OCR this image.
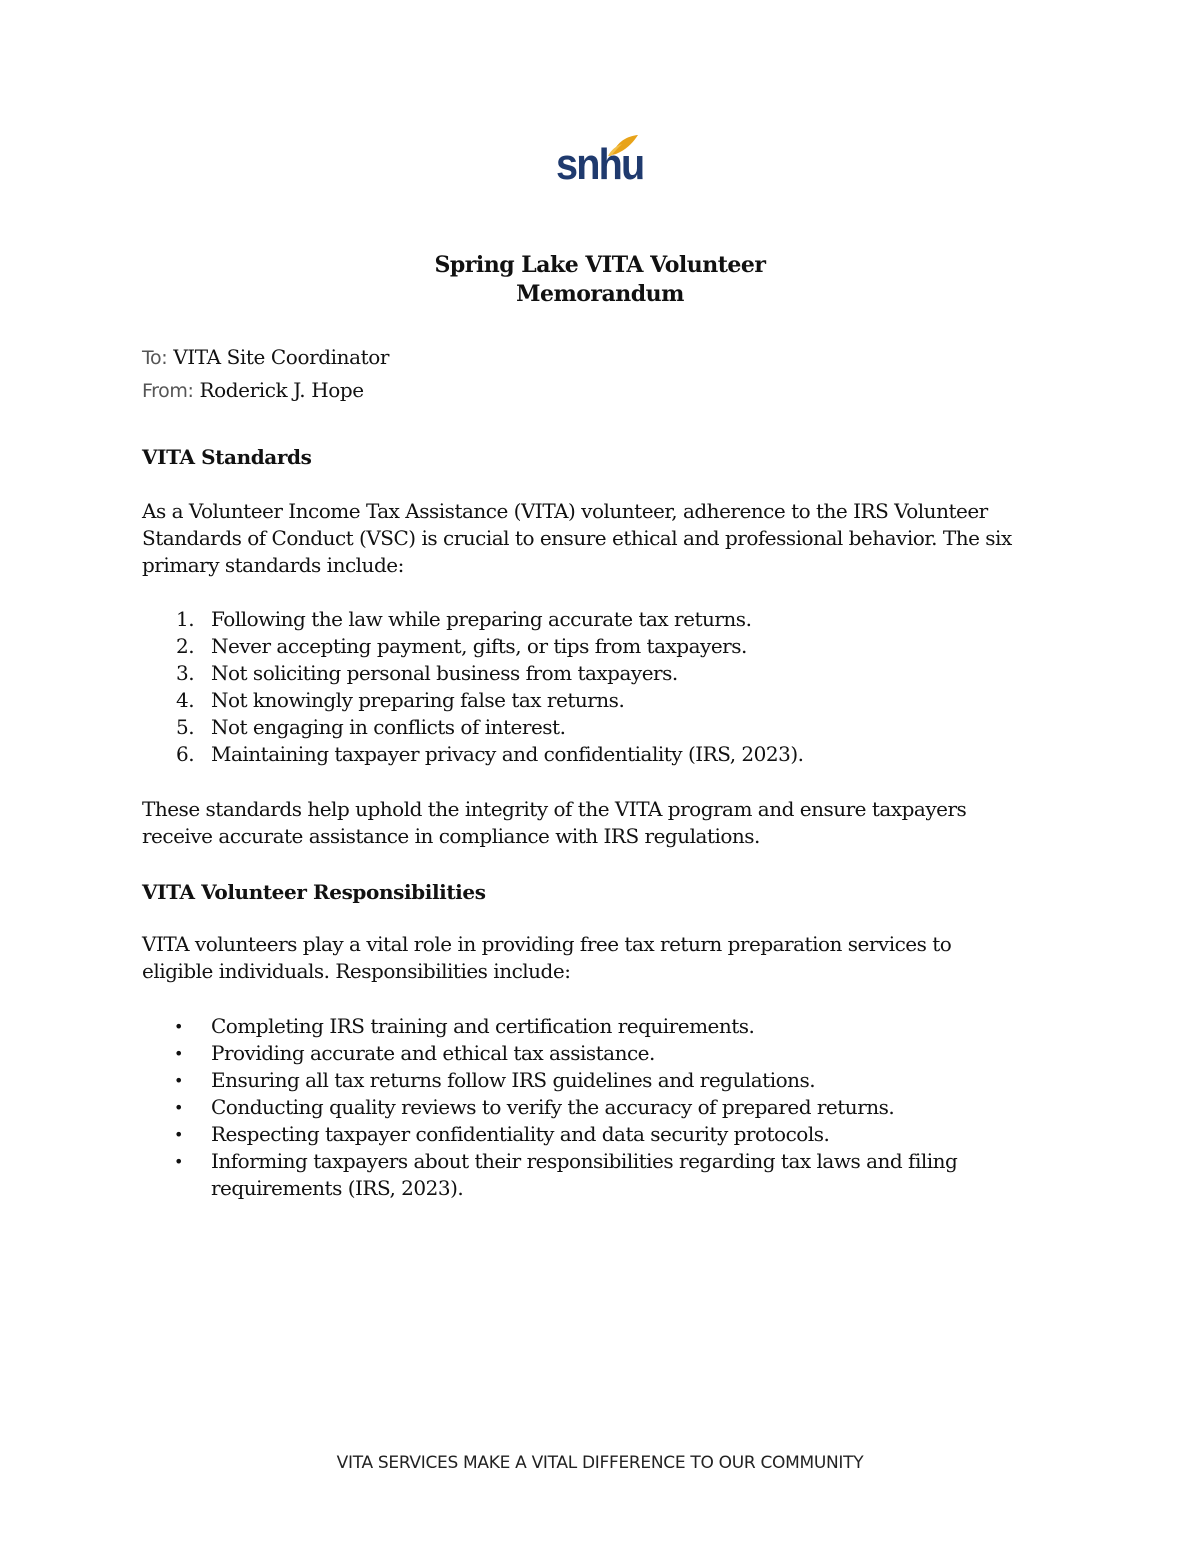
snhu
Spring Lake VITA Volunteer
Memorandum
To: VITA Site Coordinator
From: Roderick J. Hope
VITA Standards

As a Volunteer Income Tax Assistance (VITA) volunteer, adherence to the IRS Volunteer Standards of Conduct (VSC) is crucial to ensure ethical and professional behavior. The six primary standards include:

1. Following the law while preparing accurate tax returns.
2. Never accepting payment, gifts, or tips from taxpayers.
3. Not soliciting personal business from taxpayers.
4. Not knowingly preparing false tax returns.
5. Not engaging in conflicts of interest.
6. Maintaining taxpayer privacy and confidentiality (IRS, 2023).

These standards help uphold the integrity of the VITA program and ensure taxpayers receive accurate assistance in compliance with IRS regulations.

VITA Volunteer Responsibilities

VITA volunteers play a vital role in providing free tax return preparation services to eligible individuals. Responsibilities include:

• Completing IRS training and certification requirements.
• Providing accurate and ethical tax assistance.
• Ensuring all tax returns follow IRS guidelines and regulations.
• Conducting quality reviews to verify the accuracy of prepared returns.
• Respecting taxpayer confidentiality and data security protocols.
• Informing taxpayers about their responsibilities regarding tax laws and filing requirements (IRS, 2023).
VITA SERVICES MAKE A VITAL DIFFERENCE TO OUR COMMUNITY
